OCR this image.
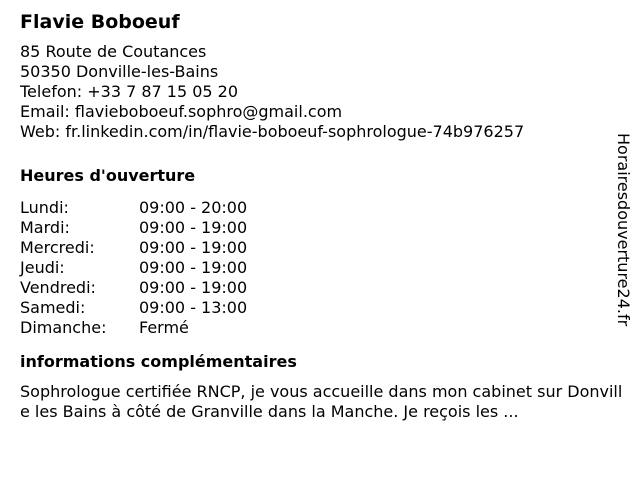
Flavie Boboeuf
85 Route de Coutances
50350 Donville-les-Bains
Telefon: +33 7 87 15 05 20
Email: flavieboboeuf.sophro@gmail.com
Web: fr.linkedin.com/in/flavie-boboeuf-sophrologue-74b976257
Heures d'ouverture
Lundi:	09:00 - 20:00
Mardi:	09:00 - 19:00
Mercredi:	09:00 - 19:00
Jeudi:	09:00 - 19:00
Vendredi:	09:00 - 19:00
Samedi:	09:00 - 13:00
Dimanche:	Fermé
informations complémentaires
Sophrologue certifiée RNCP, je vous accueille dans mon cabinet sur Donville les Bains à côté de Granville dans la Manche. Je reçois les ...
Horairesdouverture24.fr
